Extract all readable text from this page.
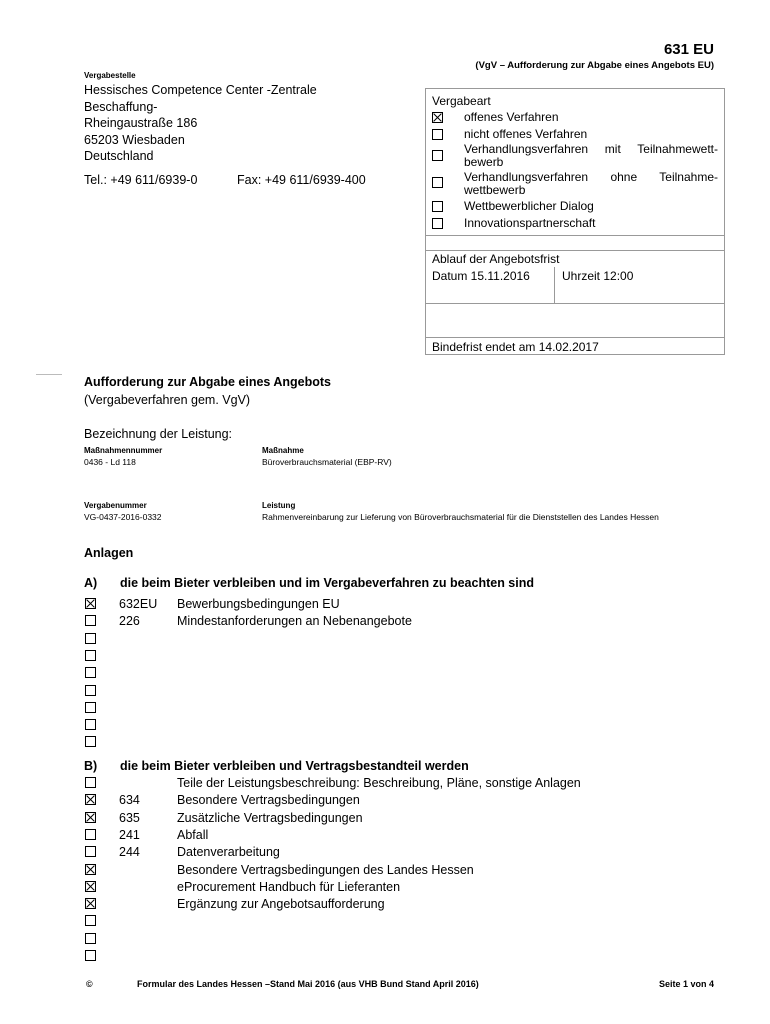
631 EU
(VgV – Aufforderung zur Abgabe eines Angebots EU)
Vergabestelle
Hessisches Competence Center -Zentrale
Beschaffung-
Rheingaustraße 186
65203 Wiesbaden
Deutschland
Tel.: +49 611/6939-0	Fax: +49 611/6939-400
Vergabeart
offenes Verfahren
nicht offenes Verfahren
Verhandlungsverfahren mit Teilnahmewett-bewerb
Verhandlungsverfahren ohne Teilnahme-wettbewerb
Wettbewerblicher Dialog
Innovationspartnerschaft
Ablauf der Angebotsfrist
Datum 15.11.2016	Uhrzeit 12:00
Bindefrist endet am 14.02.2017
Aufforderung zur Abgabe eines Angebots
(Vergabeverfahren gem. VgV)
Bezeichnung der Leistung:
Maßnahmennummer
0436 - Ld 118
Maßnahme
Büroverbrauchsmaterial (EBP-RV)
Vergabenummer
VG-0437-2016-0332
Leistung
Rahmenvereinbarung zur Lieferung von Büroverbrauchsmaterial für die Dienststellen des Landes Hessen
Anlagen
A) die beim Bieter verbleiben und im Vergabeverfahren zu beachten sind
632EU Bewerbungsbedingungen EU
226	Mindestanforderungen an Nebenangebote
B) die beim Bieter verbleiben und Vertragsbestandteil werden
Teile der Leistungsbeschreibung: Beschreibung, Pläne, sonstige Anlagen
634	Besondere Vertragsbedingungen
635	Zusätzliche Vertragsbedingungen
241	Abfall
244	Datenverarbeitung
Besondere Vertragsbedingungen des Landes Hessen
eProcurement Handbuch für Lieferanten
Ergänzung zur Angebotsaufforderung
©	Formular des Landes Hessen –Stand Mai 2016 (aus VHB Bund Stand April 2016)	Seite 1 von 4
